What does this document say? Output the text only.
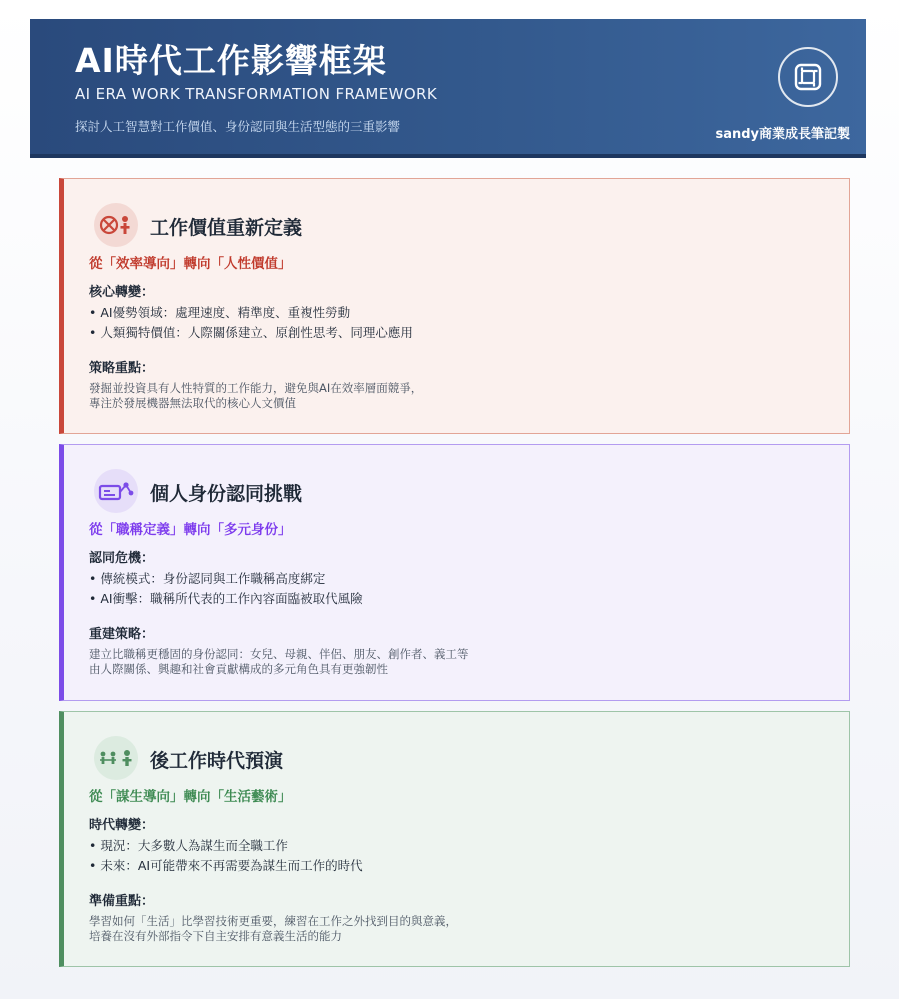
AI時代工作影響框架
AI ERA WORK TRANSFORMATION FRAMEWORK
探討人工智慧對工作價值、身份認同與生活型態的三重影響
sandy商業成長筆記製
工作價值重新定義
從「效率導向」轉向「人性價值」
核心轉變：
• AI優勢領域：處理速度、精準度、重複性勞動
• 人類獨特價值：人際關係建立、原創性思考、同理心應用
策略重點：
發掘並投資具有人性特質的工作能力，避免與AI在效率層面競爭，
專注於發展機器無法取代的核心人文價值
個人身份認同挑戰
從「職稱定義」轉向「多元身份」
認同危機：
• 傳統模式：身份認同與工作職稱高度綁定
• AI衝擊：職稱所代表的工作內容面臨被取代風險
重建策略：
建立比職稱更穩固的身份認同：女兒、母親、伴侶、朋友、創作者、義工等
由人際關係、興趣和社會貢獻構成的多元角色具有更強韌性
後工作時代預演
從「謀生導向」轉向「生活藝術」
時代轉變：
• 現況：大多數人為謀生而全職工作
• 未來：AI可能帶來不再需要為謀生而工作的時代
準備重點：
學習如何「生活」比學習技術更重要，練習在工作之外找到目的與意義，
培養在沒有外部指令下自主安排有意義生活的能力
